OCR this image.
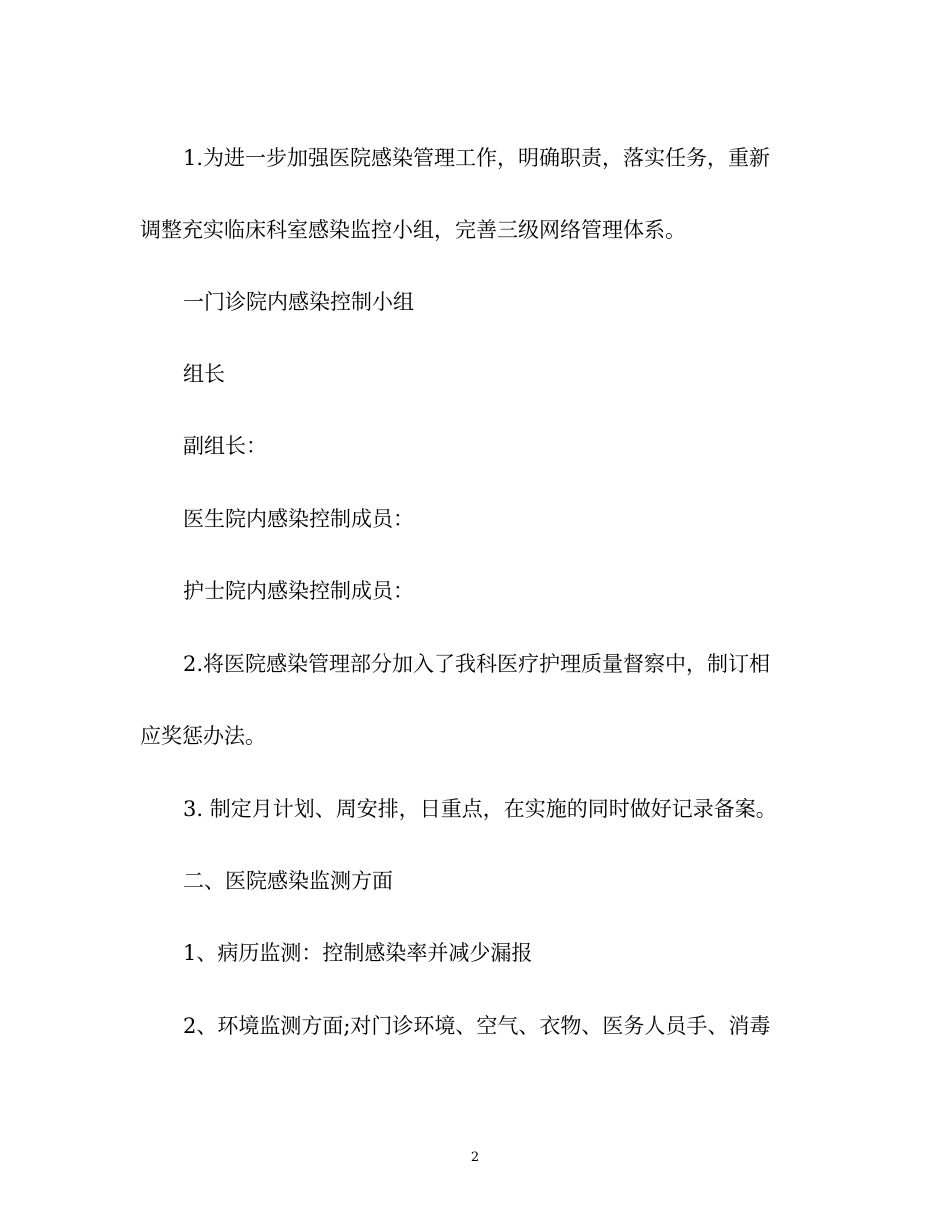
1.为进一步加强医院感染管理工作，明确职责，落实任务，重新

调整充实临床科室感染监控小组，完善三级网络管理体系。

一门诊院内感染控制小组

组长

副组长：

医生院内感染控制成员：

护士院内感染控制成员：

2.将医院感染管理部分加入了我科医疗护理质量督察中，制订相

应奖惩办法。

3. 制定月计划、周安排，日重点，在实施的同时做好记录备案。

二、医院感染监测方面

1、病历监测：控制感染率并减少漏报

2、环境监测方面;对门诊环境、空气、衣物、医务人员手、消毒

2
